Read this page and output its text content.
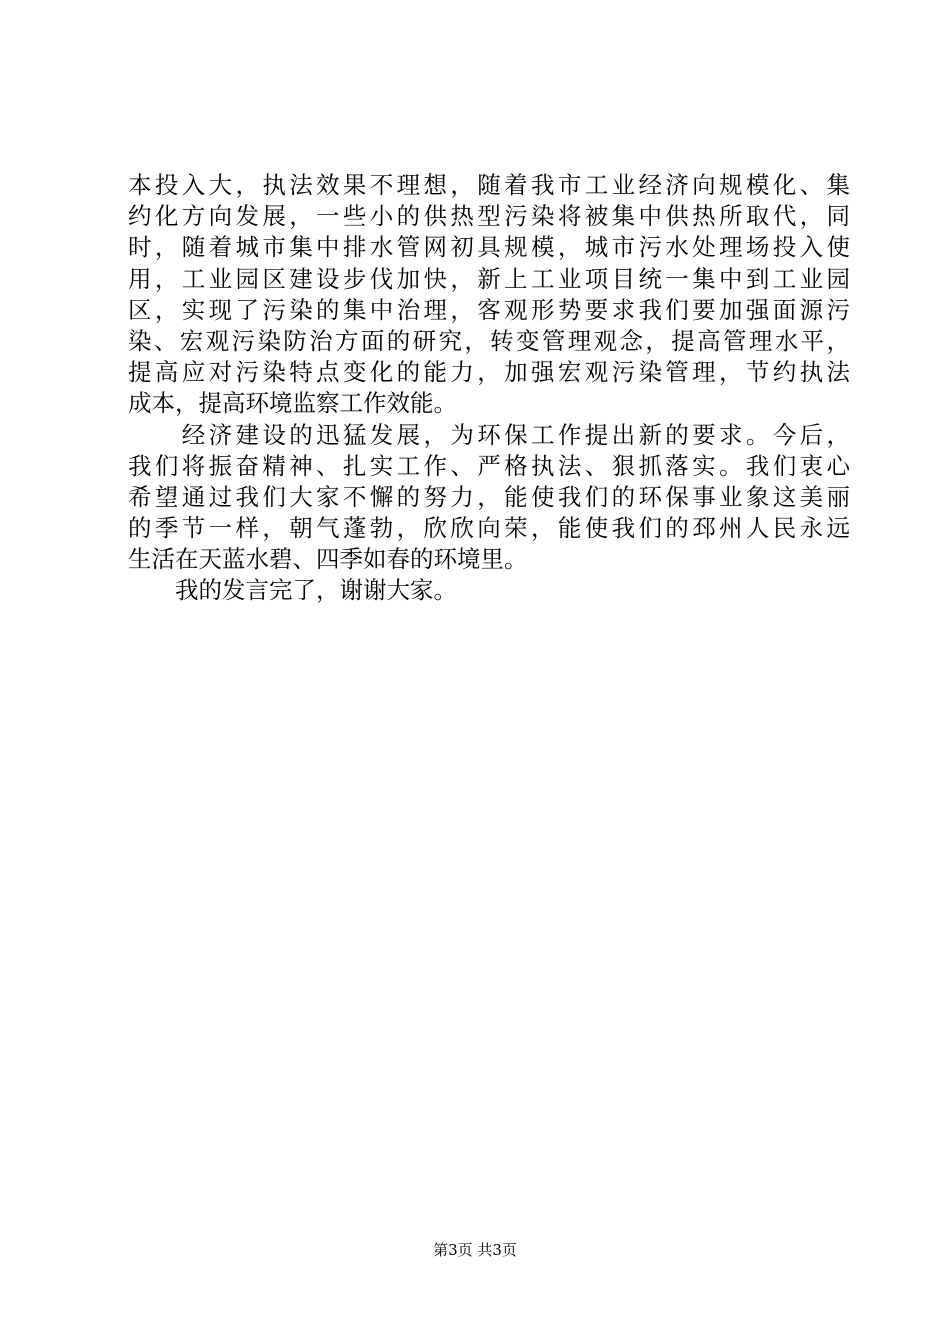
本投入大，执法效果不理想，随着我市工业经济向规模化、集
约化方向发展，一些小的供热型污染将被集中供热所取代，同
时，随着城市集中排水管网初具规模，城市污水处理场投入使
用，工业园区建设步伐加快，新上工业项目统一集中到工业园
区，实现了污染的集中治理，客观形势要求我们要加强面源污
染、宏观污染防治方面的研究，转变管理观念，提高管理水平，
提高应对污染特点变化的能力，加强宏观污染管理，节约执法
成本，提高环境监察工作效能。
　　经济建设的迅猛发展，为环保工作提出新的要求。今后，
我们将振奋精神、扎实工作、严格执法、狠抓落实。我们衷心
希望通过我们大家不懈的努力，能使我们的环保事业象这美丽
的季节一样，朝气蓬勃，欣欣向荣，能使我们的邳州人民永远
生活在天蓝水碧、四季如春的环境里。
　　我的发言完了，谢谢大家。
第3页 共3页
